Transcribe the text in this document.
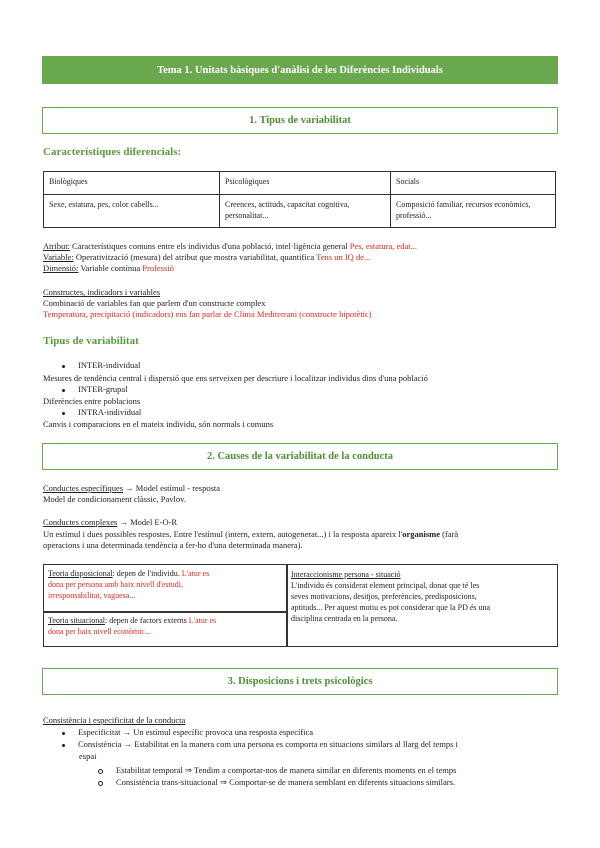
Tema 1. Unitats bàsiques d'anàlisi de les Diferències Individuals
1. Tipus de variabilitat
Característiques diferencials:
Biològiques	Psicològiques	Socials
Sexe, estatura, pes, color cabells...	Creences, actituds, capacitat cognitiva, personalitat...	Composició familiar, recursos econòmics, professió...
Atribut: Característiques comuns entre els individus d'una població, intel·ligència general Pes, estatura, edat...
Variable: Operativització (mesura) del atribut que mostra variabilitat, quantifica Tens un IQ de...
Dimensió: Variable contínua Professió
Constructes, indicadors i variables
Combinació de variables fan que parlem d'un constructe complex
Temperatura, precipitació (indicadors) ens fan parlar de Clima Mediterrani (constructe hipotètic)
Tipus de variabilitat
INTER-individual
Mesures de tendència central i dispersió que ens serveixen per descriure i localitzar individus dins d'una població
INTER-grupal
Diferències entre poblacions
INTRA-individual
Canvis i comparacions en el mateix individu, són normals i comuns
2. Causes de la variabilitat de la conducta
Conductes específiques → Model estímul - resposta
Model de condicionament clàssic, Pavlov.
Conductes complexes → Model E-O-R
Un estímul i dues possibles respostes. Entre l'estímul (intern, extern, autogenerat...) i la resposta apareix l'organisme (farà
operacions i una determinada tendència a fer-ho d'una determinada manera).
Teoria disposicional: depen de l'individu. L'atur es
dona per persona amb baix nivell d'estudi,
irresponsabilitat, vaguesa...
Teoria situacional: depen de factors externs L'atur es
dona per baix nivell econòmic...
Interaccionisme persona - situació
L'individu és considerat element principal, donat que té les
seves motivacions, desitjos, preferències, predisposicions,
aptituds... Per aquest motiu es pot considerar que la PD és una
disciplina centrada en la persona.
3. Disposicions i trets psicològics
Consistència i especificitat de la conducta
Especificitat → Un estímul específic provoca una resposta específica
Consistència → Estabilitat en la manera com una persona es comporta en situacions similars al llarg del temps i
espai
Estabilitat temporal ⇒ Tendim a comportar-nos de manera similar en diferents moments en el temps
Consistència trans-situacional ⇒ Comportar-se de manera semblant en diferents situacions similars.
